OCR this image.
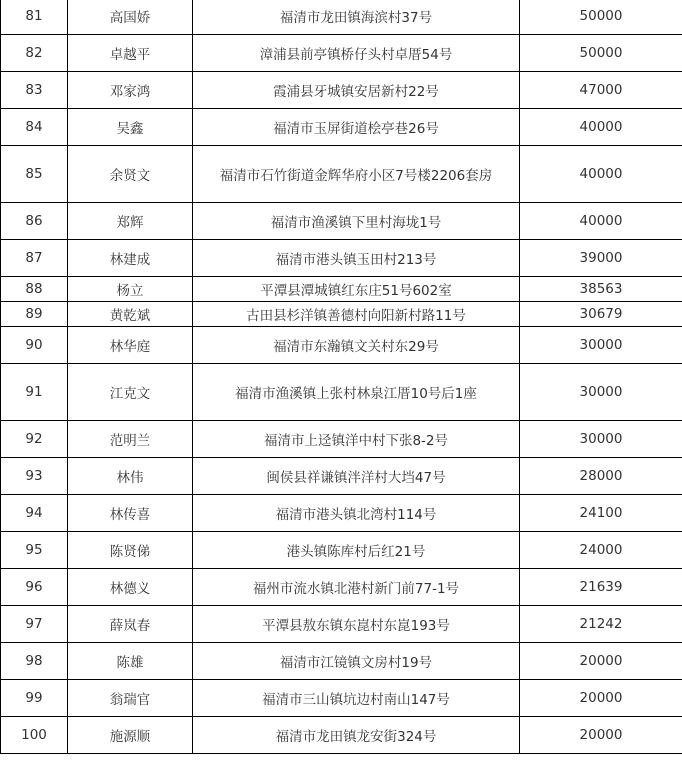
81	高国娇	福清市龙田镇海滨村37号	50000
82	卓越平	漳浦县前亭镇桥仔头村卓厝54号	50000
83	邓家鸿	霞浦县牙城镇安居新村22号	47000
84	吴鑫	福清市玉屏街道桧亭巷26号	40000
85	余贤文	福清市石竹街道金辉华府小区7号楼2206套房	40000
86	郑辉	福清市渔溪镇下里村海垅1号	40000
87	林建成	福清市港头镇玉田村213号	39000
88	杨立	平潭县潭城镇红东庄51号602室	38563
89	黄乾斌	古田县杉洋镇善德村向阳新村路11号	30679
90	林华庭	福清市东瀚镇文关村东29号	30000
91	江克文	福清市渔溪镇上张村林泉江厝10号后1座	30000
92	范明兰	福清市上迳镇洋中村下张8-2号	30000
93	林伟	闽侯县祥谦镇泮洋村大垱47号	28000
94	林传喜	福清市港头镇北湾村114号	24100
95	陈贤俤	港头镇陈库村后红21号	24000
96	林德义	福州市流水镇北港村新门前77-1号	21639
97	薛岚春	平潭县敖东镇东崑村东崑193号	21242
98	陈雄	福清市江镜镇文房村19号	20000
99	翁瑞官	福清市三山镇坑边村南山147号	20000
100	施源顺	福清市龙田镇龙安街324号	20000
